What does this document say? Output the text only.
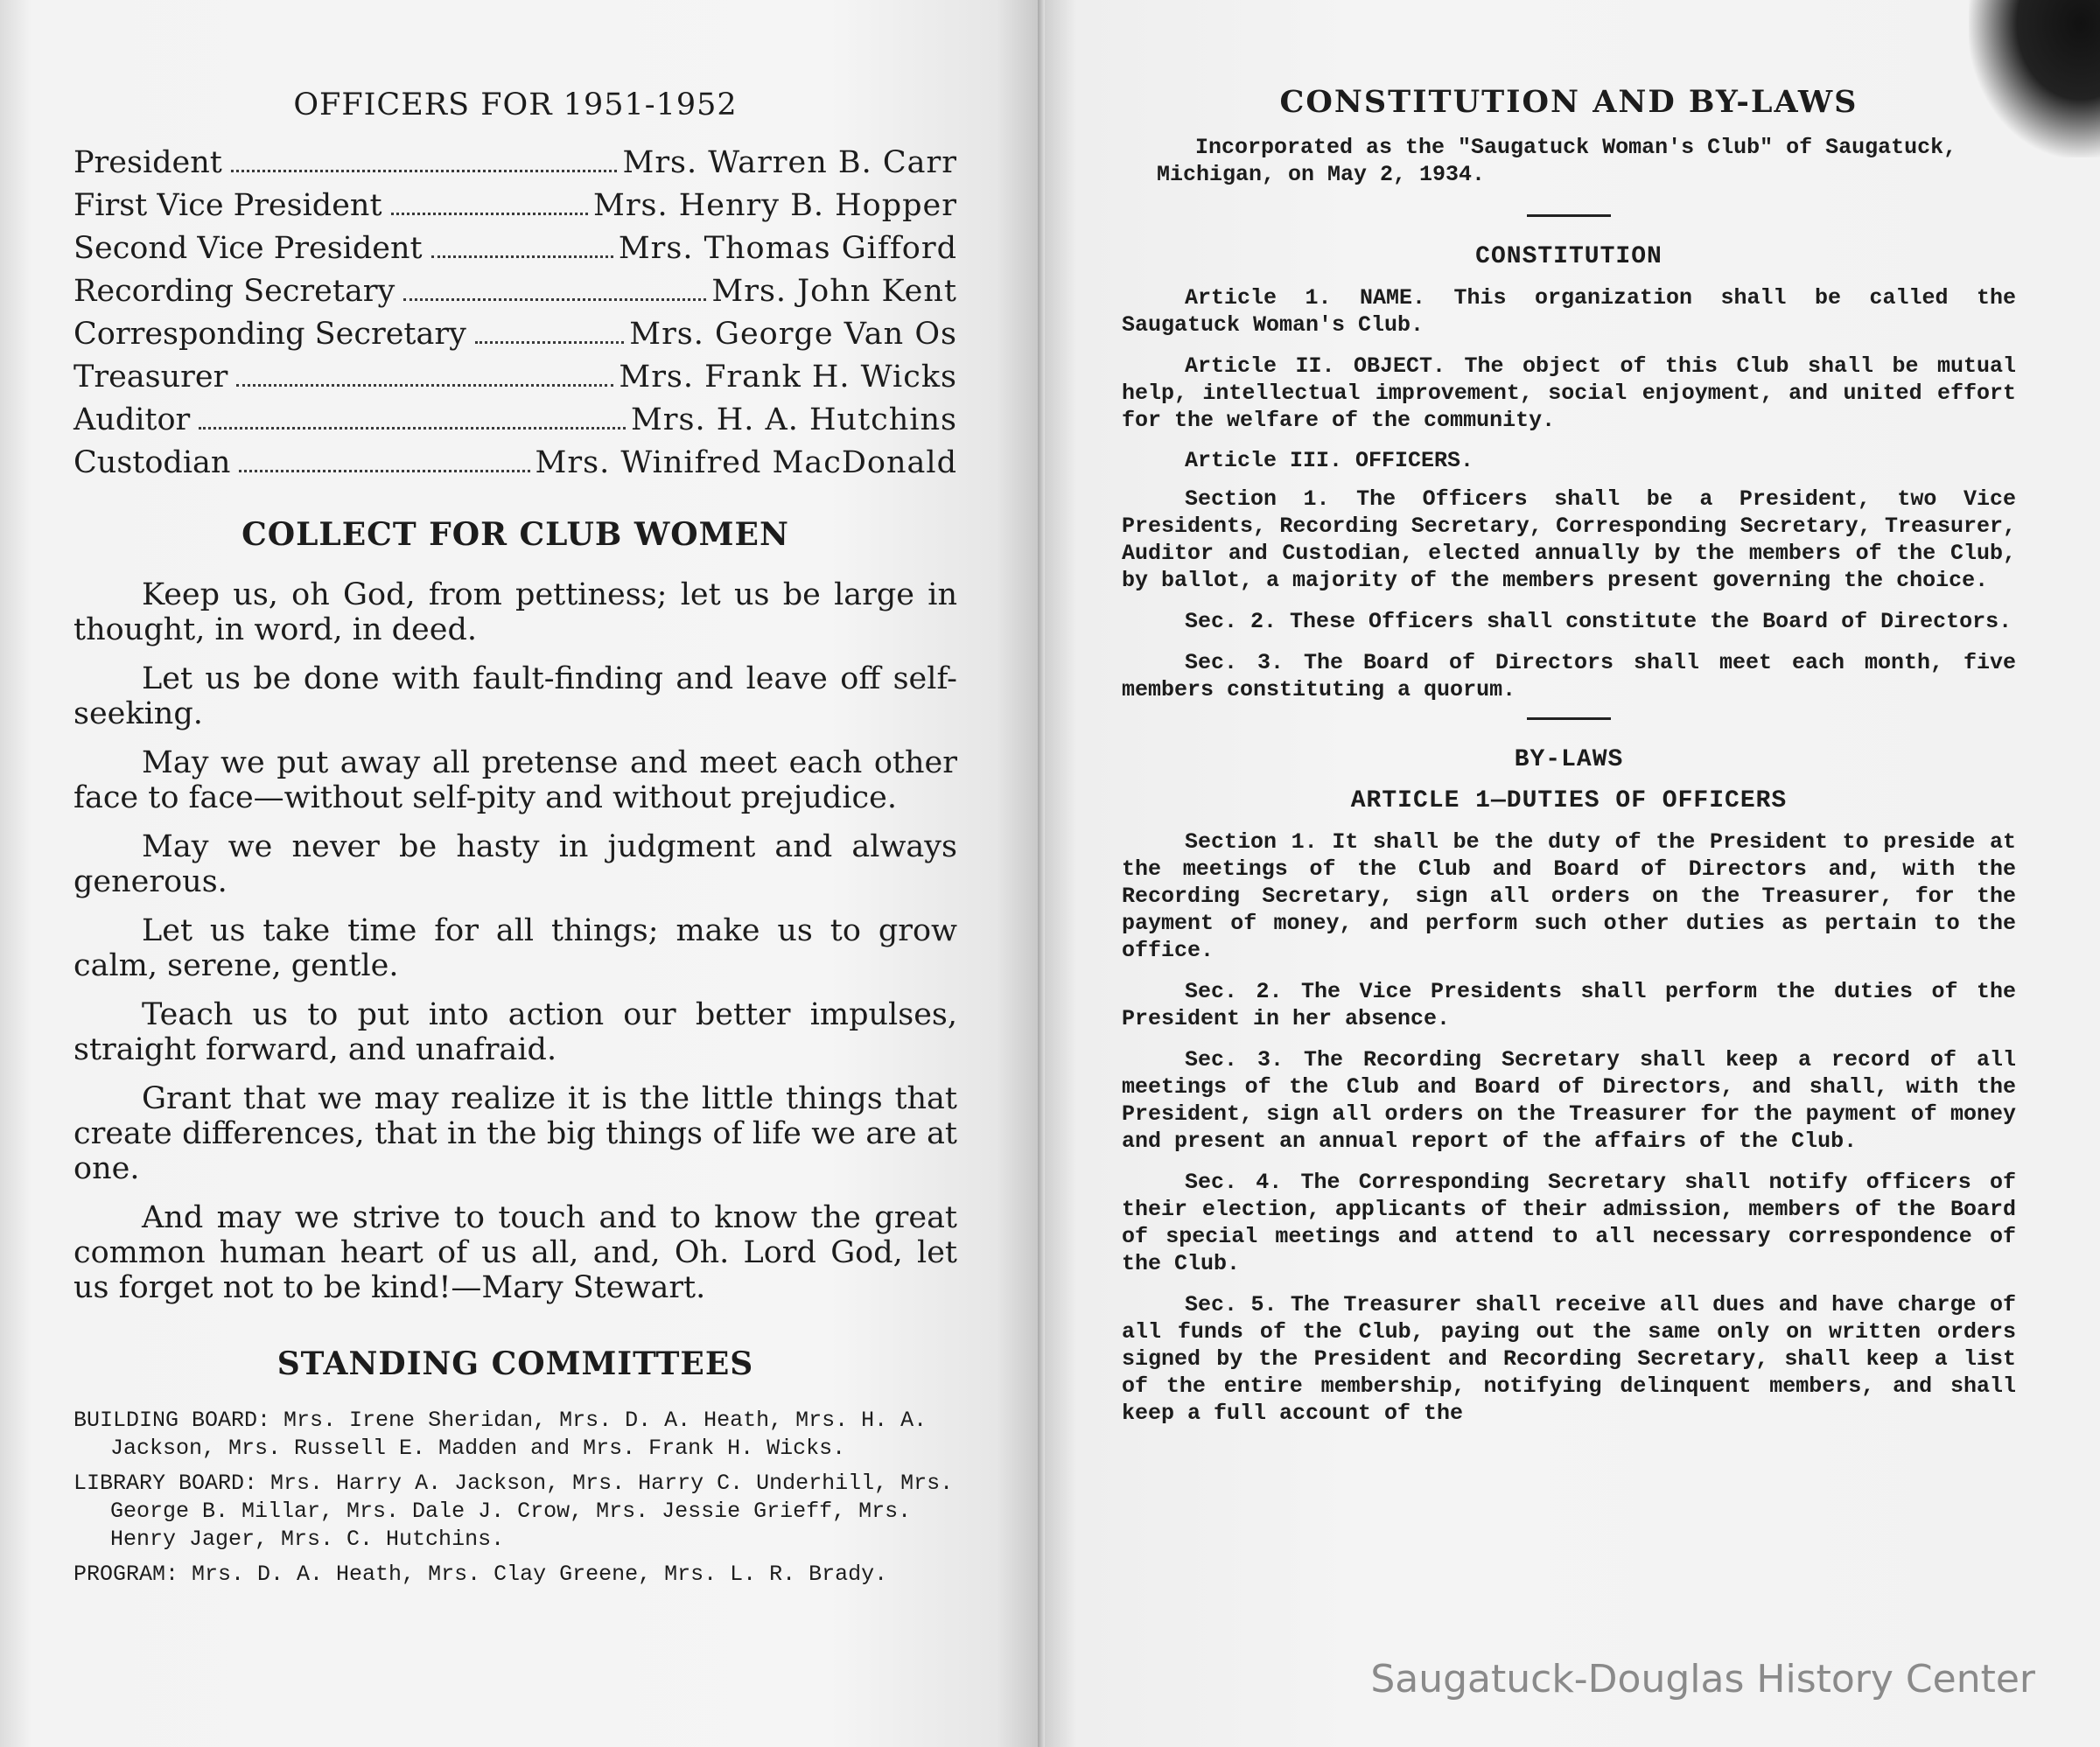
OFFICERS FOR 1951-1952
President	Mrs. Warren B. Carr
First Vice President	Mrs. Henry B. Hopper
Second Vice President	Mrs. Thomas Gifford
Recording Secretary	Mrs. John Kent
Corresponding Secretary	Mrs. George Van Os
Treasurer	Mrs. Frank H. Wicks
Auditor	Mrs. H. A. Hutchins
Custodian	Mrs. Winifred MacDonald
COLLECT FOR CLUB WOMEN

Keep us, oh God, from pettiness; let us be large in thought, in word, in deed.

Let us be done with fault-finding and leave off self-seeking.

May we put away all pretense and meet each other face to face—without self-pity and without prejudice.

May we never be hasty in judgment and always generous.

Let us take time for all things; make us to grow calm, serene, gentle.

Teach us to put into action our better impulses, straight forward, and unafraid.

Grant that we may realize it is the little things that create differences, that in the big things of life we are at one.

And may we strive to touch and to know the great common human heart of us all, and, Oh. Lord God, let us forget not to be kind!—Mary Stewart.

STANDING COMMITTEES

BUILDING BOARD: Mrs. Irene Sheridan, Mrs. D. A. Heath, Mrs. H. A. Jackson, Mrs. Russell E. Madden and Mrs. Frank H. Wicks.

LIBRARY BOARD: Mrs. Harry A. Jackson, Mrs. Harry C. Underhill, Mrs. George B. Millar, Mrs. Dale J. Crow, Mrs. Jessie Grieff, Mrs. Henry Jager, Mrs. C. Hutchins.

PROGRAM: Mrs. D. A. Heath, Mrs. Clay Greene, Mrs. L. R. Brady.

CONSTITUTION AND BY-LAWS

Incorporated as the "Saugatuck Woman's Club" of Saugatuck, Michigan, on May 2, 1934.

CONSTITUTION

Article 1. NAME. This organization shall be called the Saugatuck Woman's Club.

Article II. OBJECT. The object of this Club shall be mutual help, intellectual improvement, social enjoyment, and united effort for the welfare of the community.

Article III. OFFICERS.

Section 1. The Officers shall be a President, two Vice Presidents, Recording Secretary, Corresponding Secretary, Treasurer, Auditor and Custodian, elected annually by the members of the Club, by ballot, a majority of the members present governing the choice.

Sec. 2. These Officers shall constitute the Board of Directors.

Sec. 3. The Board of Directors shall meet each month, five members constituting a quorum.

BY-LAWS
ARTICLE 1—DUTIES OF OFFICERS

Section 1. It shall be the duty of the President to preside at the meetings of the Club and Board of Directors and, with the Recording Secretary, sign all orders on the Treasurer, for the payment of money, and perform such other duties as pertain to the office.

Sec. 2. The Vice Presidents shall perform the duties of the President in her absence.

Sec. 3. The Recording Secretary shall keep a record of all meetings of the Club and Board of Directors, and shall, with the President, sign all orders on the Treasurer for the payment of money and present an annual report of the affairs of the Club.

Sec. 4. The Corresponding Secretary shall notify officers of their election, applicants of their admission, members of the Board of special meetings and attend to all necessary correspondence of the Club.

Sec. 5. The Treasurer shall receive all dues and have charge of all funds of the Club, paying out the same only on written orders signed by the President and Recording Secretary, shall keep a list of the entire membership, notifying delinquent members, and shall keep a full account of the

Saugatuck-Douglas History Center
